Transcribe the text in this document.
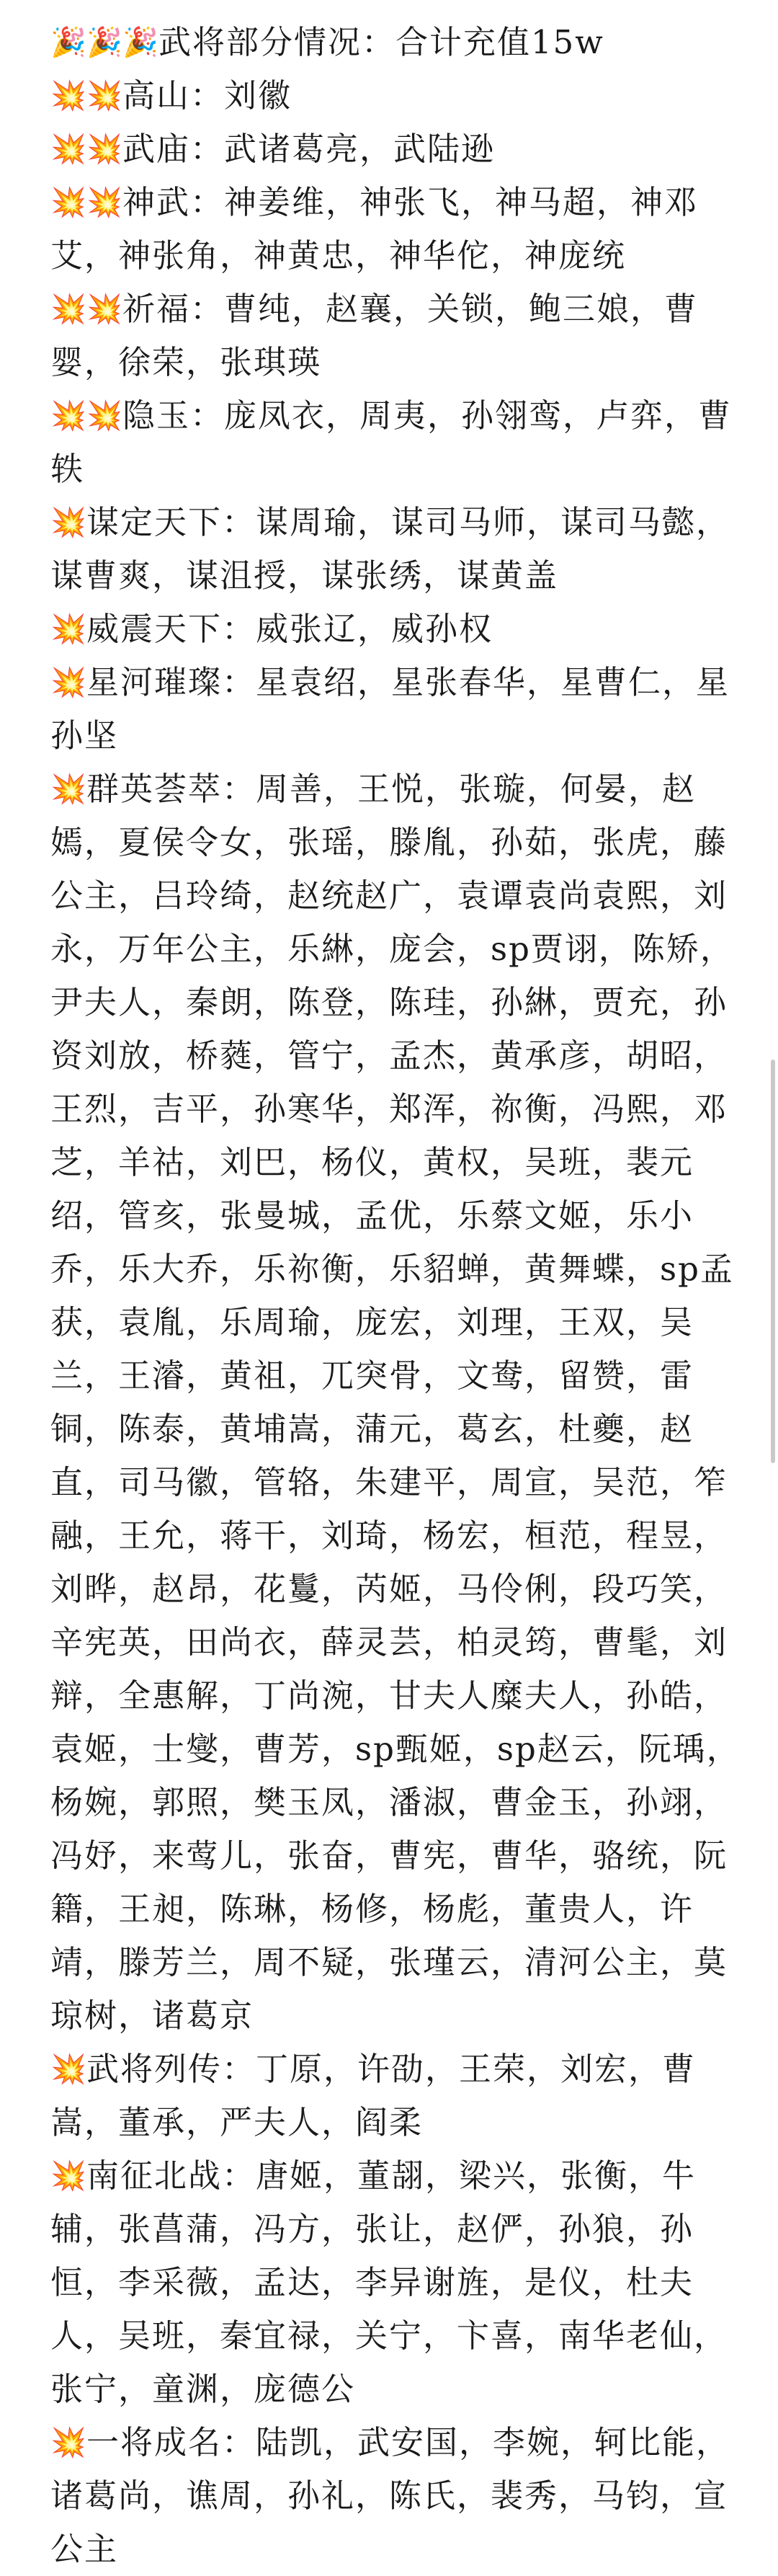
🎉🎉🎉武将部分情况：合计充值15w

💥💥高山：刘徽

💥💥武庙：武诸葛亮，武陆逊

💥💥神武：神姜维，神张飞，神马超，神邓艾，神张角，神黄忠，神华佗，神庞统

💥💥祈福：曹纯，赵襄，关锁，鲍三娘，曹婴，徐荣，张琪瑛

💥💥隐玉：庞凤衣，周夷，孙翎鸾，卢弈，曹轶

💥谋定天下：谋周瑜，谋司马师，谋司马懿，谋曹爽，谋沮授，谋张绣，谋黄盖

💥威震天下：威张辽，威孙权

💥星河璀璨：星袁绍，星张春华，星曹仁，星孙坚

💥群英荟萃：周善，王悦，张璇，何晏，赵嫣，夏侯令女，张瑶，滕胤，孙茹，张虎，藤公主，吕玲绮，赵统赵广，袁谭袁尚袁熙，刘永，万年公主，乐綝，庞会，sp贾诩，陈矫，尹夫人，秦朗，陈登，陈珪，孙綝，贾充，孙资刘放，桥蕤，管宁，孟杰，黄承彦，胡昭，王烈，吉平，孙寒华，郑浑，祢衡，冯熙，邓芝，羊祜，刘巴，杨仪，黄权，吴班，裴元绍，管亥，张曼城，孟优，乐蔡文姬，乐小乔，乐大乔，乐祢衡，乐貂蝉，黄舞蝶，sp孟获，袁胤，乐周瑜，庞宏，刘理，王双，吴兰，王濬，黄祖，兀突骨，文鸯，留赞，雷铜，陈泰，黄埔嵩，蒲元，葛玄，杜夔，赵直，司马徽，管辂，朱建平，周宣，吴范，笮融，王允，蒋干，刘琦，杨宏，桓范，程昱，刘晔，赵昂，花鬘，芮姬，马伶俐，段巧笑，辛宪英，田尚衣，薛灵芸，柏灵筠，曹髦，刘辩，全惠解，丁尚涴，甘夫人糜夫人，孙皓，袁姬，士燮，曹芳，sp甄姬，sp赵云，阮瑀，杨婉，郭照，樊玉凤，潘淑，曹金玉，孙翊，冯妤，来莺儿，张奋，曹宪，曹华，骆统，阮籍，王昶，陈琳，杨修，杨彪，董贵人，许靖，滕芳兰，周不疑，张瑾云，清河公主，莫琼树，诸葛京

💥武将列传：丁原，许劭，王荣，刘宏，曹嵩，董承，严夫人，阎柔

💥南征北战：唐姬，董翓，梁兴，张衡，牛辅，张菖蒲，冯方，张让，赵俨，孙狼，孙恒，李采薇，孟达，李异谢旌，是仪，杜夫人，吴班，秦宜禄，关宁，卞喜，南华老仙，张宁，童渊，庞德公

💥一将成名：陆凯，武安国，李婉，轲比能，诸葛尚，谯周，孙礼，陈氏，裴秀，马钧，宣公主
